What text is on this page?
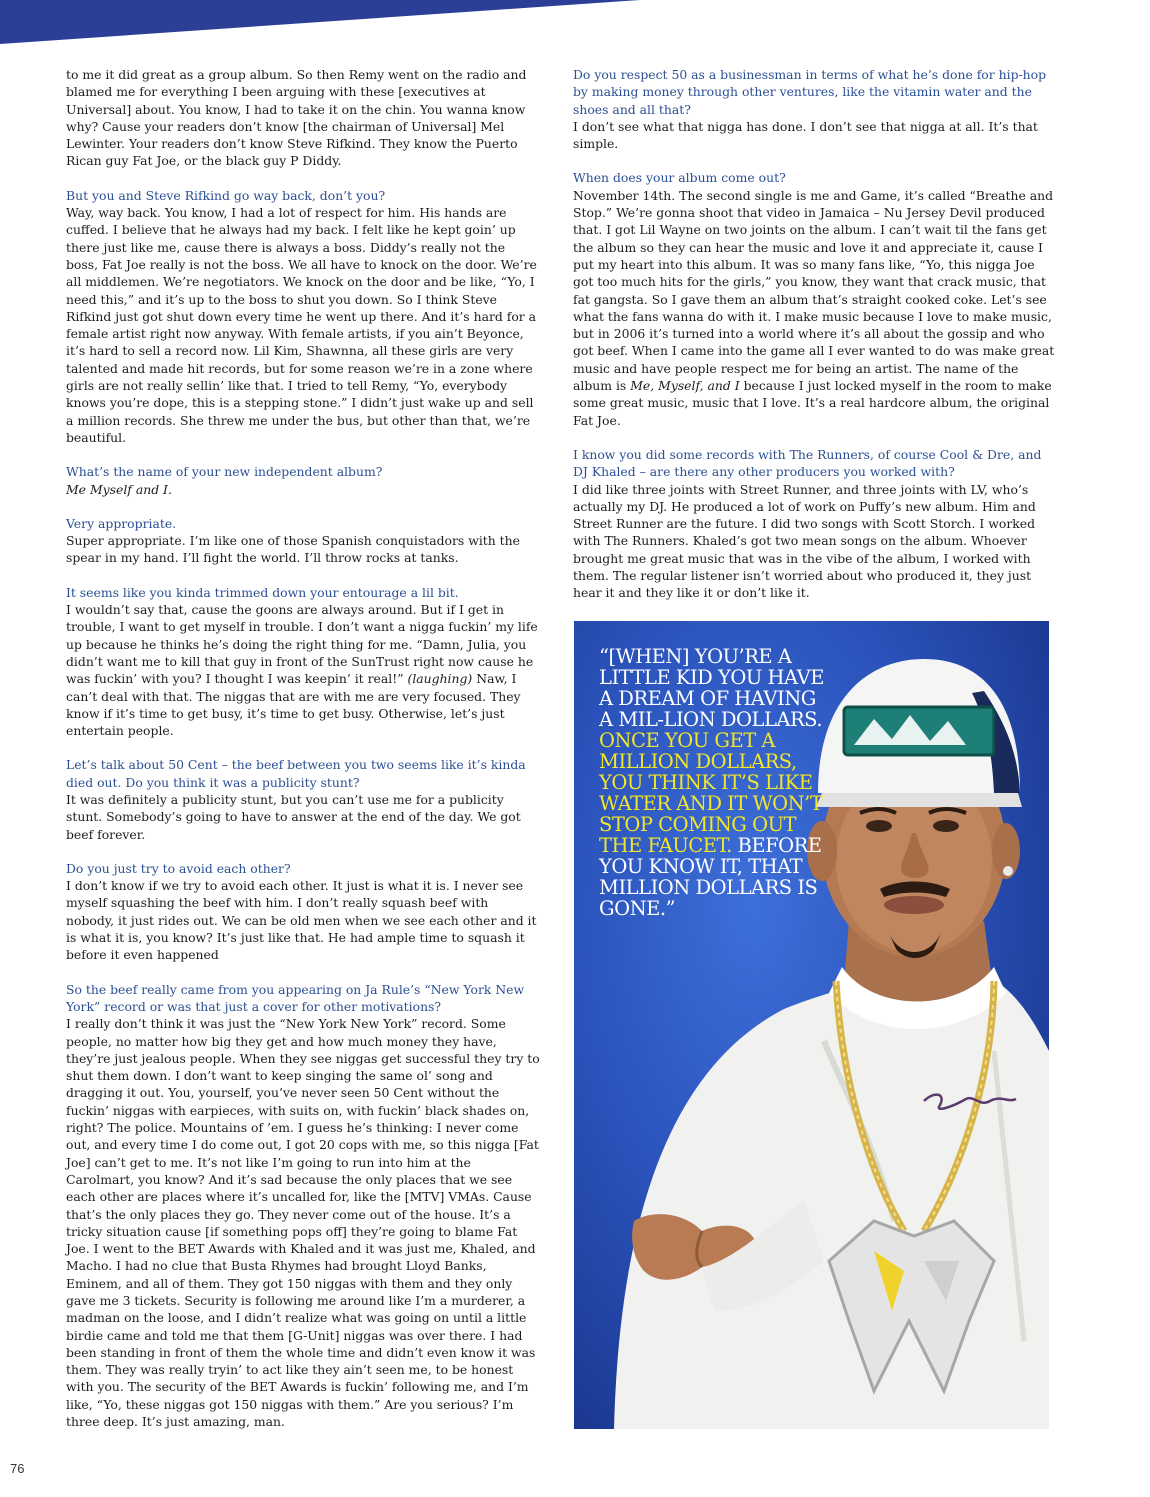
to me it did great as a group album. So then Remy went on the radio and blamed me for everything I been arguing with these [executives at Universal] about. You know, I had to take it on the chin. You wanna know why? Cause your readers don’t know [the chairman of Universal] Mel Lewinter. Your readers don’t know Steve Rifkind. They know the Puerto Rican guy Fat Joe, or the black guy P Diddy.

But you and Steve Rifkind go way back, don’t you?

Way, way back. You know, I had a lot of respect for him. His hands are cuffed. I believe that he always had my back. I felt like he kept goin’ up there just like me, cause there is always a boss. Diddy’s really not the boss, Fat Joe really is not the boss. We all have to knock on the door. We’re all middlemen. We’re negotiators. We knock on the door and be like, “Yo, I need this,” and it’s up to the boss to shut you down. So I think Steve Rifkind just got shut down every time he went up there. And it’s hard for a female artist right now anyway. With female artists, if you ain’t Beyonce, it’s hard to sell a record now. Lil Kim, Shawnna, all these girls are very talented and made hit records, but for some reason we’re in a zone where girls are not really sellin’ like that. I tried to tell Remy, “Yo, everybody knows you’re dope, this is a stepping stone.” I didn’t just wake up and sell a million records. She threw me under the bus, but other than that, we’re beautiful.

What’s the name of your new independent album?

Me Myself and I.

Very appropriate.

Super appropriate. I’m like one of those Spanish conquistadors with the spear in my hand. I’ll fight the world. I’ll throw rocks at tanks.

It seems like you kinda trimmed down your entourage a lil bit.

I wouldn’t say that, cause the goons are always around. But if I get in trouble, I want to get myself in trouble. I don’t want a nigga fuckin’ my life up because he thinks he’s doing the right thing for me. “Damn, Julia, you didn’t want me to kill that guy in front of the SunTrust right now cause he was fuckin’ with you? I thought I was keepin’ it real!” (laughing) Naw, I can’t deal with that. The niggas that are with me are very focused. They know if it’s time to get busy, it’s time to get busy. Otherwise, let’s just entertain people.

Let’s talk about 50 Cent – the beef between you two seems like it’s kinda died out. Do you think it was a publicity stunt?

It was definitely a publicity stunt, but you can’t use me for a publicity stunt. Somebody’s going to have to answer at the end of the day. We got beef forever.

Do you just try to avoid each other?

I don’t know if we try to avoid each other. It just is what it is. I never see myself squashing the beef with him. I don’t really squash beef with nobody, it just rides out. We can be old men when we see each other and it is what it is, you know? It’s just like that. He had ample time to squash it before it even happened

So the beef really came from you appearing on Ja Rule’s “New York New York” record or was that just a cover for other motivations?

I really don’t think it was just the “New York New York” record. Some people, no matter how big they get and how much money they have, they’re just jealous people. When they see niggas get successful they try to shut them down. I don’t want to keep singing the same ol’ song and dragging it out. You, yourself, you’ve never seen 50 Cent without the fuckin’ niggas with earpieces, with suits on, with fuckin’ black shades on, right? The police. Mountains of ’em. I guess he’s thinking: I never come out, and every time I do come out, I got 20 cops with me, so this nigga [Fat Joe] can’t get to me. It’s not like I’m going to run into him at the Carolmart, you know? And it’s sad because the only places that we see each other are places where it’s uncalled for, like the [MTV] VMAs. Cause that’s the only places they go. They never come out of the house. It’s a tricky situation cause [if something pops off] they’re going to blame Fat Joe. I went to the BET Awards with Khaled and it was just me, Khaled, and Macho. I had no clue that Busta Rhymes had brought Lloyd Banks, Eminem, and all of them. They got 150 niggas with them and they only gave me 3 tickets. Security is following me around like I’m a murderer, a madman on the loose, and I didn’t realize what was going on until a little birdie came and told me that them [G-Unit] niggas was over there. I had been standing in front of them the whole time and didn’t even know it was them. They was really tryin’ to act like they ain’t seen me, to be honest with you. The security of the BET Awards is fuckin’ following me, and I’m like, “Yo, these niggas got 150 niggas with them.” Are you serious? I’m three deep. It’s just amazing, man.

Do you respect 50 as a businessman in terms of what he’s done for hip-hop by making money through other ventures, like the vitamin water and the shoes and all that?

I don’t see what that nigga has done. I don’t see that nigga at all. It’s that simple.

When does your album come out?

November 14th. The second single is me and Game, it’s called “Breathe and Stop.” We’re gonna shoot that video in Jamaica – Nu Jersey Devil produced that. I got Lil Wayne on two joints on the album. I can’t wait til the fans get the album so they can hear the music and love it and appreciate it, cause I put my heart into this album. It was so many fans like, “Yo, this nigga Joe got too much hits for the girls,” you know, they want that crack music, that fat gangsta. So I gave them an album that’s straight cooked coke. Let’s see what the fans wanna do with it. I make music because I love to make music, but in 2006 it’s turned into a world where it’s all about the gossip and who got beef. When I came into the game all I ever wanted to do was make great music and have people respect me for being an artist. The name of the album is Me, Myself, and I because I just locked myself in the room to make some great music, music that I love. It’s a real hardcore album, the original Fat Joe.

I know you did some records with The Runners, of course Cool & Dre, and DJ Khaled – are there any other producers you worked with?

I did like three joints with Street Runner, and three joints with LV, who’s actually my DJ. He produced a lot of work on Puffy’s new album. Him and Street Runner are the future. I did two songs with Scott Storch. I worked with The Runners. Khaled’s got two mean songs on the album. Whoever brought me great music that was in the vibe of the album, I worked with them. The regular listener isn’t worried about who produced it, they just hear it and they like it or don’t like it.

“[WHEN] YOU’RE A LITTLE KID YOU HAVE A DREAM OF HAVING A MIL-LION DOLLARS. ONCE YOU GET A MILLION DOLLARS, YOU THINK IT’S LIKE WATER AND IT WON’T STOP COMING OUT THE FAUCET. BEFORE YOU KNOW IT, THAT MILLION DOLLARS IS GONE.”
76
